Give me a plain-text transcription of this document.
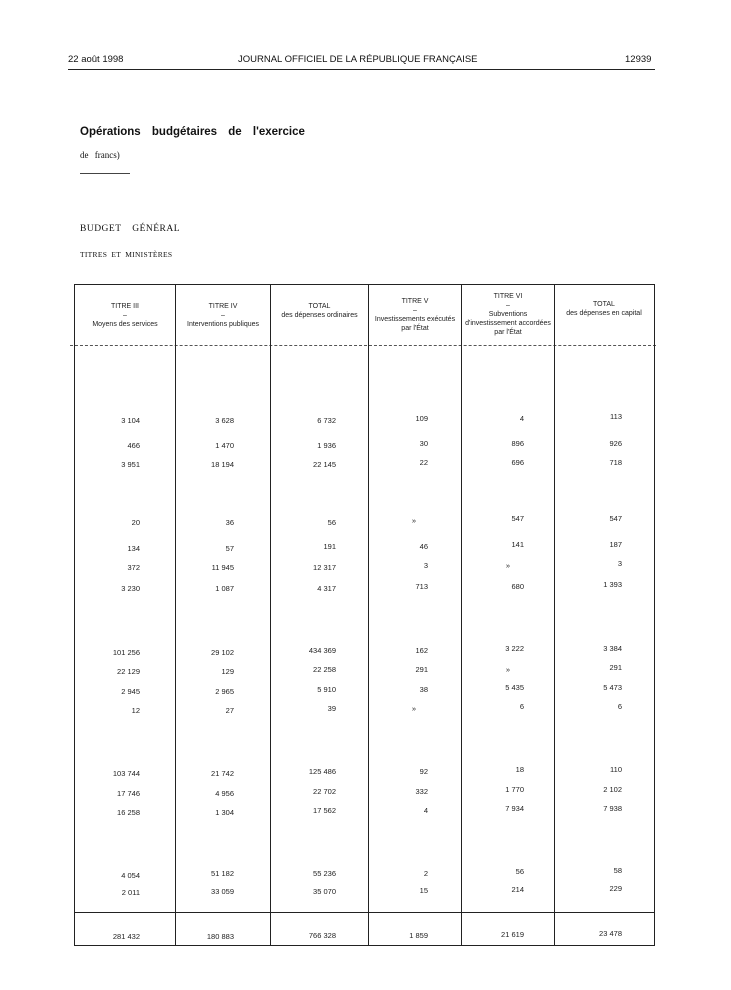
22 août 1998	JOURNAL OFFICIEL DE LA RÉPUBLIQUE FRANÇAISE	12939
Opérations budgétaires de l'exercice
de francs)
BUDGET GÉNÉRAL
TITRES ET MINISTÈRES
TITRE III
–
Moyens des services
TITRE IV
–
Interventions publiques
TOTAL
des dépenses ordinaires
TITRE V
–
Investissements exécutés par l'État
TITRE VI
–
Subventions d'investissement accordées par l'État
TOTAL
des dépenses en capital
3 104	3 628	6 732	109	4	113
466	1 470	1 936	30	896	926
3 951	18 194	22 145	22	696	718
20	36	56	»	547	547
134	57	191	46	141	187
372	11 945	12 317	3	»	3
3 230	1 087	4 317	713	680	1 393
101 256	29 102	434 369	162	3 222	3 384
22 129	129	22 258	291	»	291
2 945	2 965	5 910	38	5 435	5 473
12	27	39	»	6	6
103 744	21 742	125 486	92	18	110
17 746	4 956	22 702	332	1 770	2 102
16 258	1 304	17 562	4	7 934	7 938
4 054	51 182	55 236	2	56	58
2 011	33 059	35 070	15	214	229
281 432	180 883	766 328	1 859	21 619	23 478
